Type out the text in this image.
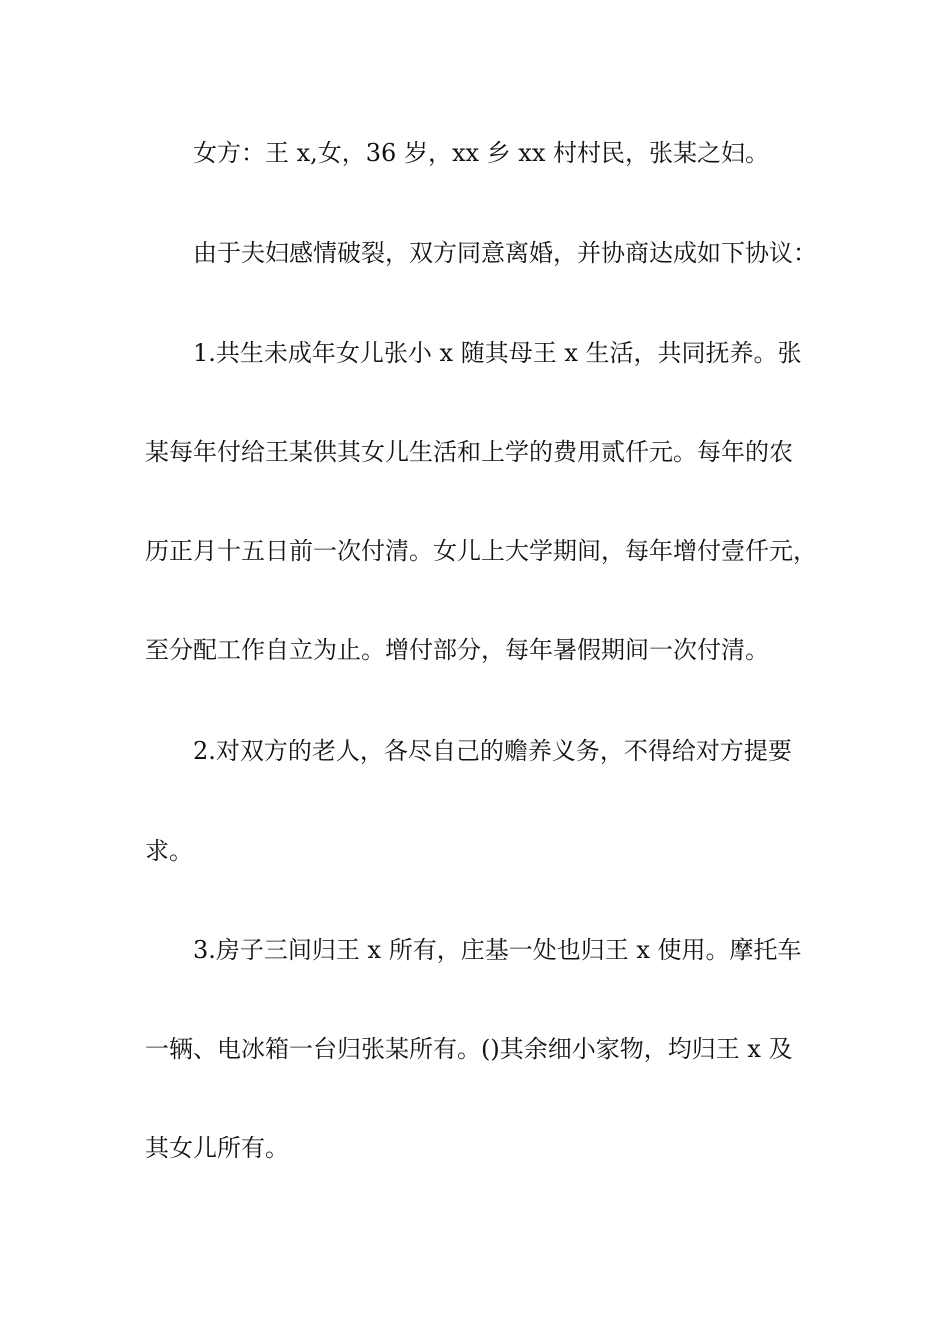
女方：王 x,女，36 岁，xx 乡 xx 村村民，张某之妇。
由于夫妇感情破裂，双方同意离婚，并协商达成如下协议：
1.共生未成年女儿张小 x 随其母王 x 生活，共同抚养。张
某每年付给王某供其女儿生活和上学的费用贰仟元。每年的农
历正月十五日前一次付清。女儿上大学期间，每年增付壹仟元，
至分配工作自立为止。增付部分，每年暑假期间一次付清。
2.对双方的老人，各尽自己的赡养义务，不得给对方提要
求。
3.房子三间归王 x 所有，庄基一处也归王 x 使用。摩托车
一辆、电冰箱一台归张某所有。()其余细小家物，均归王 x 及
其女儿所有。
